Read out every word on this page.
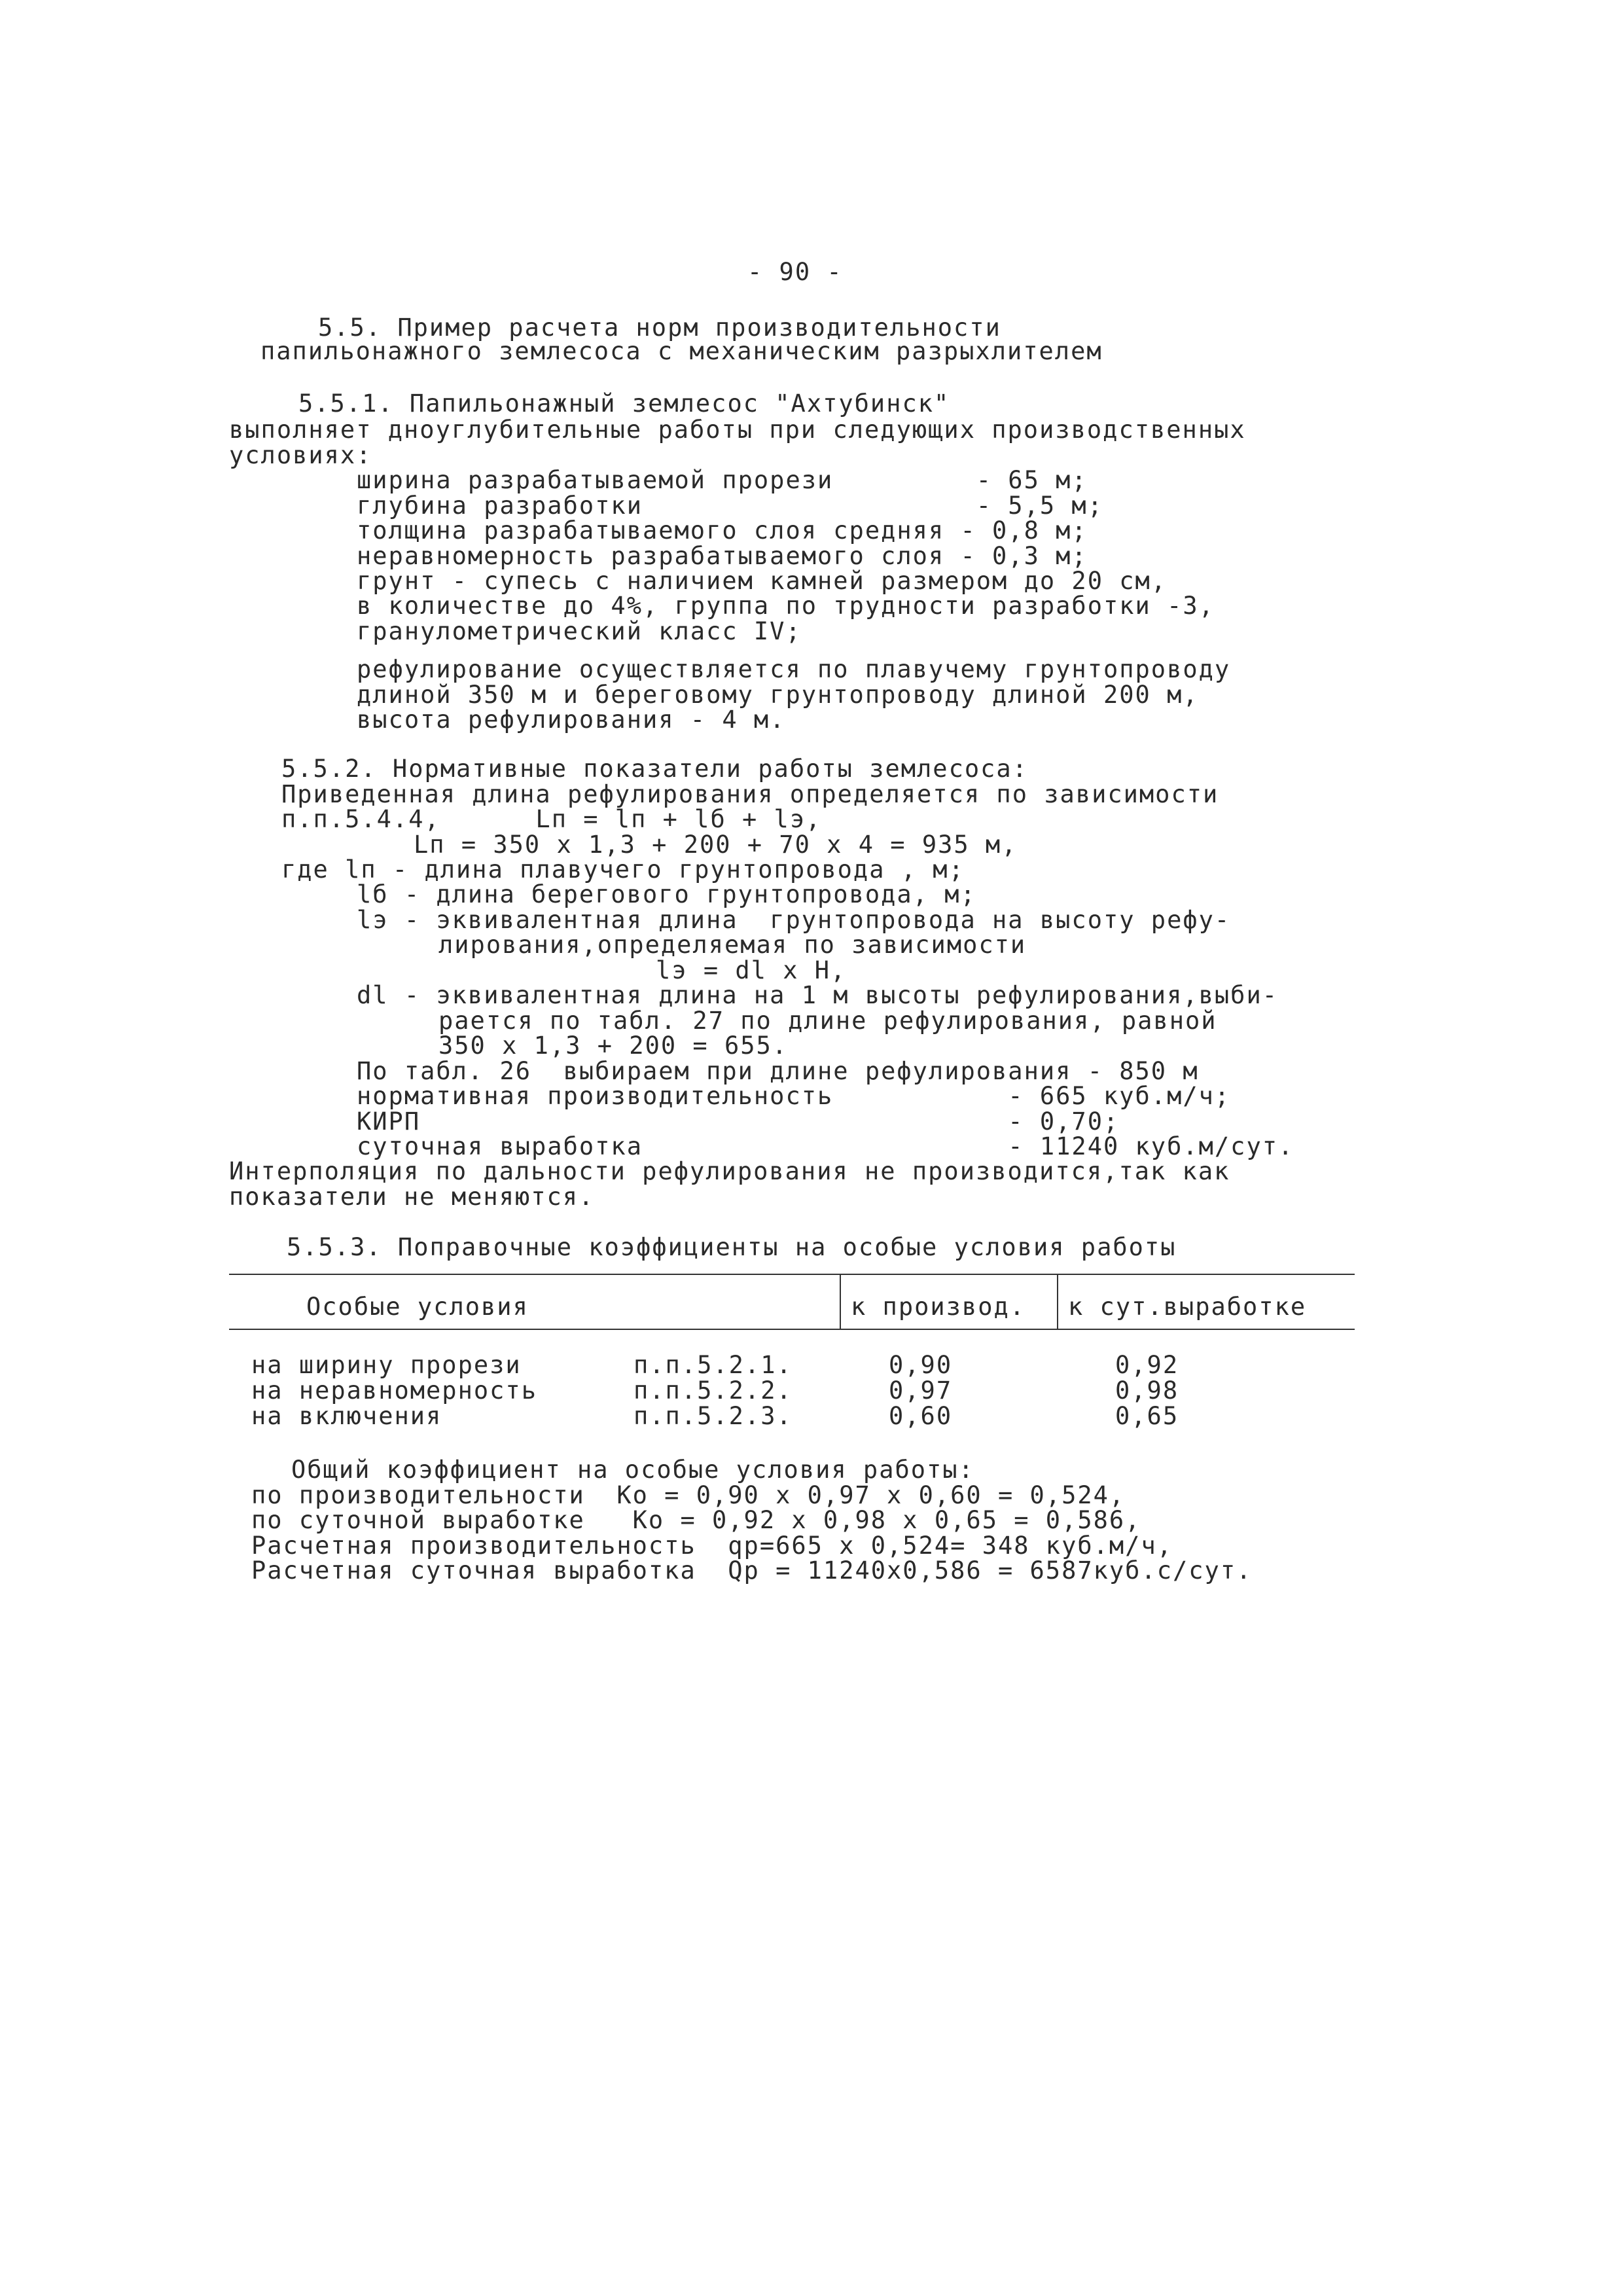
- 90 -
5.5. Пример расчета норм производительности
папильонажного землесоса с механическим разрыхлителем
5.5.1. Папильонажный землесос "Ахтубинск"
выполняет дноуглубительные работы при следующих производственных
условиях:
ширина разрабатываемой прорези         - 65 м;
глубина разработки                     - 5,5 м;
толщина разрабатываемого слоя средняя - 0,8 м;
неравномерность разрабатываемого слоя - 0,3 м;
грунт - супесь с наличием камней размером до 20 см,
в количестве до 4%, группа по трудности разработки -3,
гранулометрический класс IV;
рефулирование осуществляется по плавучему грунтопроводу
длиной 350 м и береговому грунтопроводу длиной 200 м,
высота рефулирования - 4 м.
5.5.2. Нормативные показатели работы землесоса:
Приведенная длина рефулирования определяется по зависимости
п.п.5.4.4,      Lп = lп + lб + lэ,
Lп = 350 x 1,3 + 200 + 70 x 4 = 935 м,
где lп - длина плавучего грунтопровода , м;
lб - длина берегового грунтопровода, м;
lэ - эквивалентная длина  грунтопровода на высоту рефу-
лирования,определяемая по зависимости
lэ = dl x H,
dl - эквивалентная длина на 1 м высоты рефулирования,выби-
рается по табл. 27 по длине рефулирования, равной
350 x 1,3 + 200 = 655.
По табл. 26  выбираем при длине рефулирования - 850 м
нормативная производительность           - 665 куб.м/ч;
КИРП                                     - 0,70;
суточная выработка                       - 11240 куб.м/сут.
Интерполяция по дальности рефулирования не производится,так как
показатели не меняются.
5.5.3. Поправочные коэффициенты на особые условия работы
Особые условия	к производ. к сут.выработке
на ширину прорези	п.п.5.2.1.	0,90	0,92
на неравномерность	п.п.5.2.2.	0,97	0,98
на включения	п.п.5.2.3.	0,60	0,65
Общий коэффициент на особые условия работы:
по производительности  Kо = 0,90 x 0,97 x 0,60 = 0,524,
по суточной выработке   Kо = 0,92 x 0,98 x 0,65 = 0,586,
Расчетная производительность  qр=665 x 0,524= 348 куб.м/ч,
Расчетная суточная выработка  Qр = 11240x0,586 = 6587куб.с/сут.
